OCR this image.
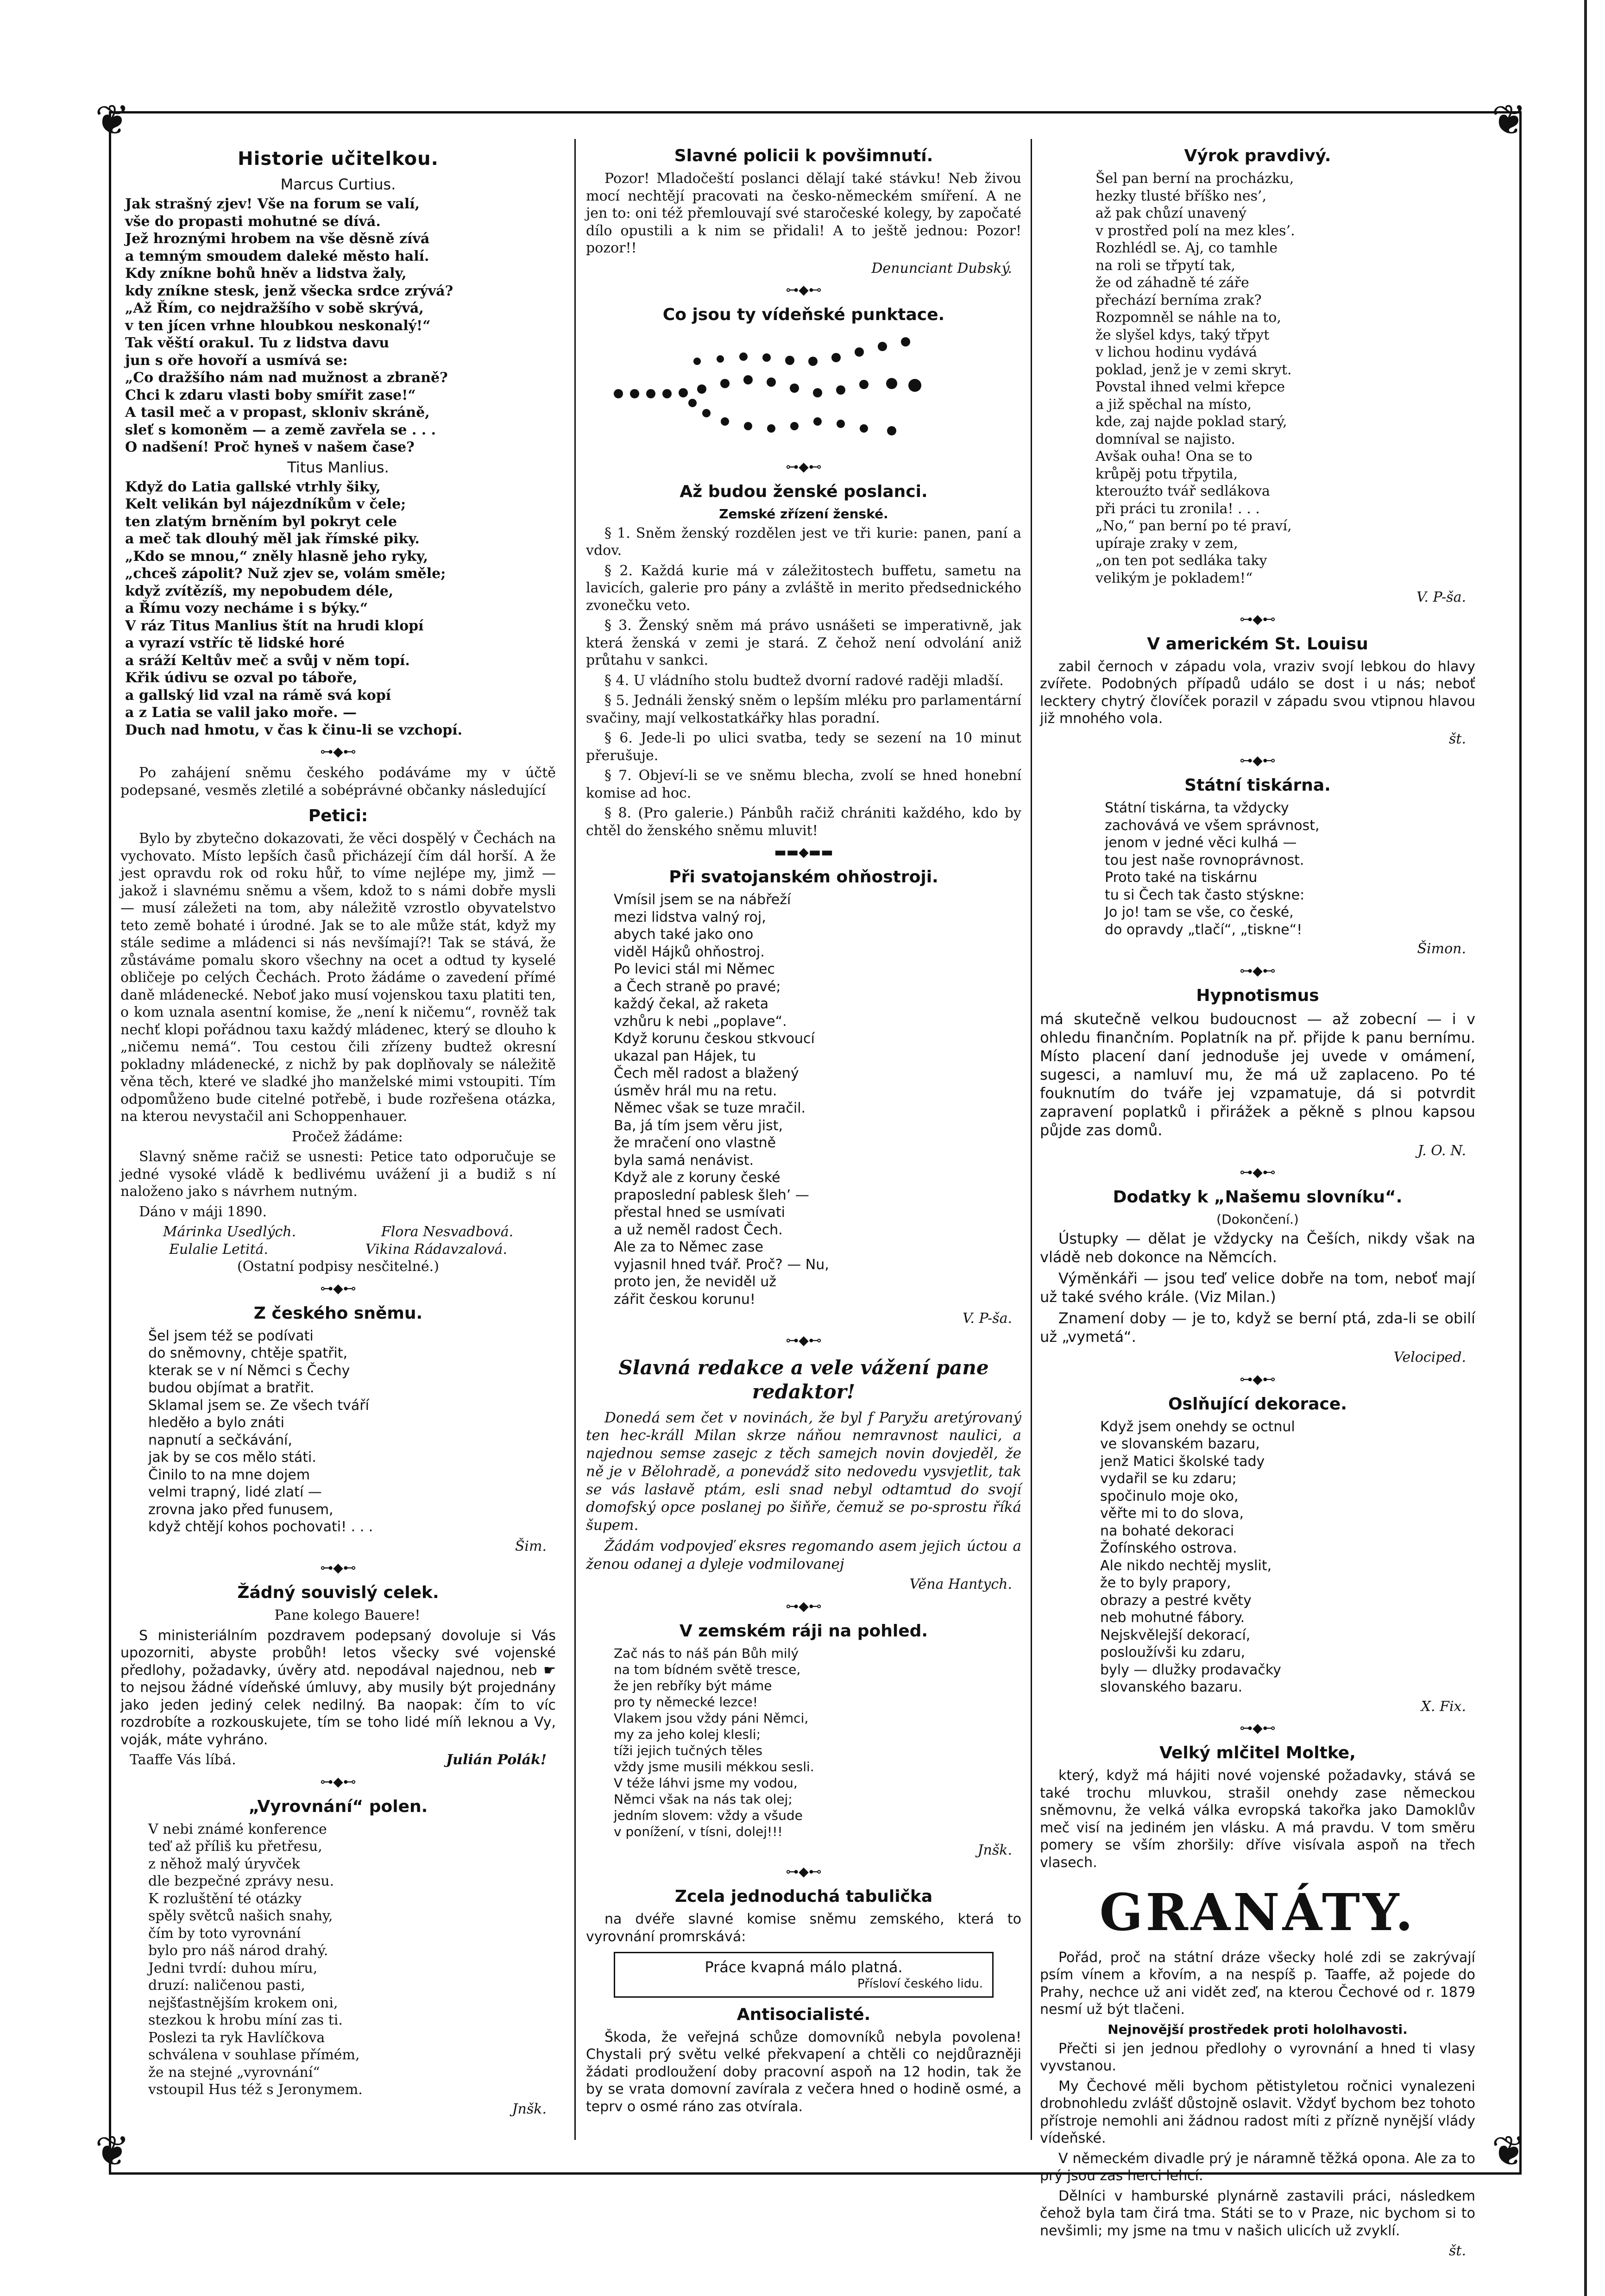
❦	❦
❦	❦
Historie učitelkou.
Marcus Curtius.
Jak strašný zjev! Vše na forum se valí,
vše do propasti mohutné se dívá.
Jež hroznými hrobem na vše děsně zívá
a temným smoudem daleké město halí.
Kdy zníkne bohů hněv a lidstva žaly,
kdy zníkne stesk, jenž všecka srdce zrývá?
„Až Řím, co nejdražšího v sobě skrývá,
v ten jícen vrhne hloubkou neskonalý!“
Tak věští orakul. Tu z lidstva davu
jun s oře hovoří a usmívá se:
„Co dražšího nám nad mužnost a zbraně?
Chci k zdaru vlasti boby smířit zase!“
A tasil meč a v propast, skloniv skráně,
sleť s komoněm — a země zavřela se . . .
O nadšení! Proč hyneš v našem čase?
Titus Manlius.
Když do Latia gallské vtrhly šiky,
Kelt velikán byl nájezdníkům v čele;
ten zlatým brněním byl pokryt cele
a meč tak dlouhý měl jak římské piky.
„Kdo se mnou,“ zněly hlasně jeho ryky,
„chceš zápolit? Nuž zjev se, volám směle;
když zvítězíš, my nepobudem déle,
a Římu vozy necháme i s býky.“
V ráz Titus Manlius štít na hrudi klopí
a vyrazí vstříc tě lidské horé
a sráží Keltův meč a svůj v něm topí.
Křik údivu se ozval po táboře,
a gallský lid vzal na rámě svá kopí
a z Latia se valil jako moře. —
Duch nad hmotu, v čas k činu-li se vzchopí.
⊶◆⊷

Po zahájení sněmu českého podáváme my v účtě podepsané, vesměs zletilé a sobéprávné občanky následující

Petici:

Bylo by zbytečno dokazovati, že věci dospělý v Čechách na vychovato. Místo lepších časů přicházejí čím dál horší. A že jest opravdu rok od roku hůř, to víme nejlépe my, jimž — jakož i slavnému sněmu a všem, kdož to s námi dobře mysli — musí záležeti na tom, aby náležitě vzrostlo obyvatelstvo teto země bohaté i úrodné. Jak se to ale může stát, když my stále sedime a mládenci si nás nevšímají?! Tak se stává, že zůstáváme pomalu skoro všechny na ocet a odtud ty kyselé obličeje po celých Čechách. Proto žádáme o zavedení přímé daně mládenecké. Neboť jako musí vojenskou taxu platiti ten, o kom uznala asentní komise, že „není k ničemu“, rovněž tak nechť klopi pořádnou taxu každý mládenec, který se dlouho k „ničemu nemá“. Tou cestou čili zřízeny budtež okresní pokladny mládenecké, z nichž by pak doplňovaly se náležitě věna těch, které ve sladké jho manželské mimi vstoupiti. Tím odpomůženo bude citelné potřebě, i bude rozřešena otázka, na kterou nevystačil ani Schoppenhauer.

Pročež žádáme:

Slavný sněme račiž se usnesti: Petice tato odporučuje se jedné vysoké vládě k bedlivému uvážení ji a budiž s ní naloženo jako s návrhem nutným.

Dáno v máji 1890.

Márinka Usedlých.	Flora Nesvadbová.
Eulalie Letitá.	Vikina Rádavzalová.
(Ostatní podpisy nesčitelné.)
⊶◆⊷
Z českého sněmu.
Šel jsem též se podívati
do sněmovny, chtěje spatřit,
kterak se v ní Němci s Čechy
budou objímat a bratřit.
Sklamal jsem se. Ze všech tváří
hleděło a bylo znáti
napnutí a sečkávání,
jak by se cos mělo státi.
Činilo to na mne dojem
velmi trapný, lidé zlatí —
zrovna jako před funusem,
když chtějí kohos pochovati! . . .
Šim.
⊶◆⊷
Žádný souvislý celek.

Pane kolego Bauere!

S ministeriálním pozdravem podepsaný dovoluje si Vás upozorniti, abyste probůh! letos všecky své vojenské předlohy, požadavky, úvěry atd. nepodával najednou, neb ☛ to nejsou žádné vídeňské úmluvy, aby musily být projednány jako jeden jediný celek nedilný. Ba naopak: čím to víc rozdrobíte a rozkouskujete, tím se toho lidé míň leknou a Vy, voják, máte vyhráno.

Taaffe Vás líbá.	Julián Polák!
⊶◆⊷
„Vyrovnání“ polen.
V nebi známé konference
teď až příliš ku přetřesu,
z něhož malý úryvček
dle bezpečné zprávy nesu.
K rozluštění té otázky
spěly světců našich snahy,
čím by toto vyrovnání
bylo pro náš národ drahý.
Jedni tvrdí: duhou míru,
druzí: naličenou pasti,
nejšťastnějším krokem oni,
stezkou k hrobu míní zas ti.
Poslezi ta ryk Havlíčkova
schválena v souhlase přímém,
že na stejné „vyrovnání“
vstoupil Hus též s Jeronymem.
Jnšk.
Slavné policii k povšimnutí.

Pozor! Mladočeští poslanci dělají také stávku! Neb živou mocí nechtějí pracovati na česko-německém smíření. A ne jen to: oni též přemlouvají své staročeské kolegy, by započaté dílo opustili a k nim se přidali! A to ještě jednou: Pozor! pozor!!

Denunciant Dubský.
⊶◆⊷
Co jsou ty vídeňské punktace.
⊶◆⊷
Až budou ženské poslanci.
Zemské zřízení ženské.

§ 1. Sněm ženský rozdělen jest ve tři kurie: panen, paní a vdov.

§ 2. Každá kurie má v záležitostech buffetu, sametu na lavicích, galerie pro pány a zvláště in merito předsednického zvonečku veto.

§ 3. Ženský sněm má právo usnášeti se imperativně, jak která ženská v zemi je stará. Z čehož není odvolání aniž průtahu v sankci.

§ 4. U vládního stolu budtež dvorní radové raději mladší.

§ 5. Jednáli ženský sněm o lepším mléku pro parlamentární svačiny, mají velkostatkářky hlas poradní.

§ 6. Jede-li po ulici svatba, tedy se sezení na 10 minut přerušuje.

§ 7. Objeví-li se ve sněmu blecha, zvolí se hned honební komise ad hoc.

§ 8. (Pro galerie.) Pánbůh račiž chrániti každého, kdo by chtěl do ženského sněmu mluvit!

▬▬◆▬▬
Při svatojanském ohňostroji.
Vmísil jsem se na nábřeží
mezi lidstva valný roj,
abych také jako ono
viděl Hájků ohňostroj.
Po levici stál mi Němec
a Čech straně po pravé;
každý čekal, až raketa
vzhůru k nebi „poplave“.
Když korunu českou stkvoucí
ukazal pan Hájek, tu
Čech měl radost a blažený
úsměv hrál mu na retu.
Němec však se tuze mračil.
Ba, já tím jsem věru jist,
že mračení ono vlastně
byla samá nenávist.
Když ale z koruny české
praposlední pablesk šleh’ —
přestal hned se usmívati
a už neměl radost Čech.
Ale za to Němec zase
vyjasnil hned tvář. Proč? — Nu,
proto jen, že neviděl už
zářit českou korunu!
V. P-ša.
⊶◆⊷
Slavná redakce a vele vážení pane redaktor!

Donedá sem čet v novinách, že byl f Paryžu aretýrovaný ten hec-králl Milan skrze náňou nemravnost nauliсi, a najednou semse zasejc z těch samejch novin dovjeděl, že ně je v Bělohradě, a ponevádž sito nedovedu vysvjetlit, tak se vás lasłavě ptám, esli snad nebyl odtamtud do svojí domofský opce poslanej po šiňře, čemuž se po-sprostu říká šupem.

Žádám vodpovjeď eksres regomando asem jejich úctou a ženou odanej a dyleje vodmilovanej

Věna Hantych.
⊶◆⊷
V zemském ráji na pohled.
Zač nás to náš pán Bůh milý
na tom bídném světě tresce,
že jen rebříky být máme
pro ty německé lezce!
Vlakem jsou vždy páni Němci,
my za jeho kolej klesli;
tíži jejich tučných těles
vždy jsme musili mékkou sesli.
V téže láhvi jsme my vodou,
Němci však na nás tak olej;
jedním slovem: vždy a všude
v ponížení, v tísni, dolej!!!
Jnšk.
⊶◆⊷
Zcela jednoduchá tabulička

na dvéře slavné komise sněmu zemského, která to vyrovnání promrskává:

Práce kvapná málo platná.
Přísloví českého lidu.
Antisocialisté.

Škoda, že veřejná schůze domovníků nebyla povolena! Chystali prý světu velké překvapení a chtěli co nejdůrazněji žádati prodloužení doby pracovní aspoň na 12 hodin, tak že by se vrata domovní zavírala z večera hned o hodině osmé, a teprv o osmé ráno zas otvírala.

Výrok pravdivý.
Šel pan berní na procházku,
hezky tlusté bříško nes’,
až pak chůzí unavený
v prostřed polí na mez kles’.
Rozhlédl se. Aj, co tamhle
na roli se třpytí tak,
že od záhadně té záře
přechází berníma zrak?
Rozpomněl se náhle na to,
že slyšel kdys, taký třpyt
v lichou hodinu vydává
poklad, jenž je v zemi skryt.
Povstal ihned velmi křepce
a již spěchal na místo,
kde, zaj najde poklad starý,
domníval se najisto.
Avšak ouha! Ona se to
krůpěj potu třpytila,
kterouźto tvář sedlákova
při práci tu zronila! . . .
„No,“ pan berní po té praví,
upíraje zraky v zem,
„on ten pot sedláka taky
velikým je pokladem!“
V. P-ša.
⊶◆⊷
V americkém St. Louisu

zabil černoch v západu vola, vraziv svojí lebkou do hlavy zvířete. Podobných případů událo se dost i u nás; neboť lecktery chytrý človíček porazil v západu svou vtipnou hlavou již mnohého vola.

št.
⊶◆⊷
Státní tiskárna.
Státní tiskárna, ta vždycky
zachovává ve všem správnost,
jenom v jedné věci kulhá —
tou jest naše rovnoprávnost.
Proto také na tiskárnu
tu si Čech tak často stýskne:
Jo jo! tam se vše, co české,
do opravdy „tlačí“, „tiskne“!
Šimon.
⊶◆⊷
Hypnotismus

má skutečně velkou budoucnost — až zobecní — i v ohledu finančním. Poplatník na př. přijde k panu bernímu. Místo placení daní jednoduše jej uvede v omámení, sugesci, a namluví mu, že má už zaplaceno. Po té fouknutím do tváře jej vzpamatuje, dá si potvrdit zapravení poplatků i přirážek a pěkně s plnou kapsou půjde zas domů.

J. O. N.
⊶◆⊷
Dodatky k „Našemu slovníku“.
(Dokončení.)

Ústupky — dělat je vždycky na Češích, nikdy však na vládě neb dokonce na Němcích.

Výměnkáři — jsou teď velice dobře na tom, neboť mají už také svého krále. (Viz Milan.)

Znamení doby — je to, když se berní ptá, zda-li se obilí už „vymetá“.

Velociped.
⊶◆⊷
Oslňující dekorace.
Když jsem onehdy se octnul
ve slovanském bazaru,
jenž Matici školské tady
vydařil se ku zdaru;
spočinulo moje oko,
věřte mi to do slova,
na bohaté dekoraci
Žofínského ostrova.
Ale nikdo nechtěj myslit,
že to byly prapory,
obrazy a pestré květy
neb mohutné fábory.
Nejskvělejší dekorací,
posloužívši ku zdaru,
byly — dlužky prodavačky
slovanského bazaru.
X. Fix.
⊶◆⊷
Velký mlčitel Moltke,

který, když má hájiti nové vojenské požadavky, stává se také trochu mluvkou, strašil onehdy zase německou sněmovnu, že velká válka evropská takořka jako Damoklův meč visí na jediném jen vlásku. A má pravdu. V tom směru pomery se vším zhoršily: dříve visívala aspoň na třech vlasech.

GRANÁTY.

Pořád, proč na státní dráze všecky holé zdi se zakrývají psím vínem a křovím, a na nespíš p. Taaffe, až pojede do Prahy, nechce už ani vidět zeď, na kterou Čechové od r. 1879 nesmí už být tlačeni.

Nejnovější prostředek proti hololhavosti.

Přečti si jen jednou předlohy o vyrovnání a hned ti vlasy vyvstanou.

My Čechové měli bychom pětistyletou ročnici vynalezeni drobnohledu zvlášť důstojně oslavit. Vždyť bychom bez tohoto přístroje nemohli ani žádnou radost míti z přízně nynější vlády vídeňské.

V německém divadle prý je náramně těžká opona. Ale za to prý jsou zas herci lehcí.

Dělníci v hamburské plynárně zastavili práci, následkem čehož byla tam čirá tma. Státi se to v Praze, nic bychom si to nevšimli; my jsme na tmu v našich ulicích už zvyklí.

št.
